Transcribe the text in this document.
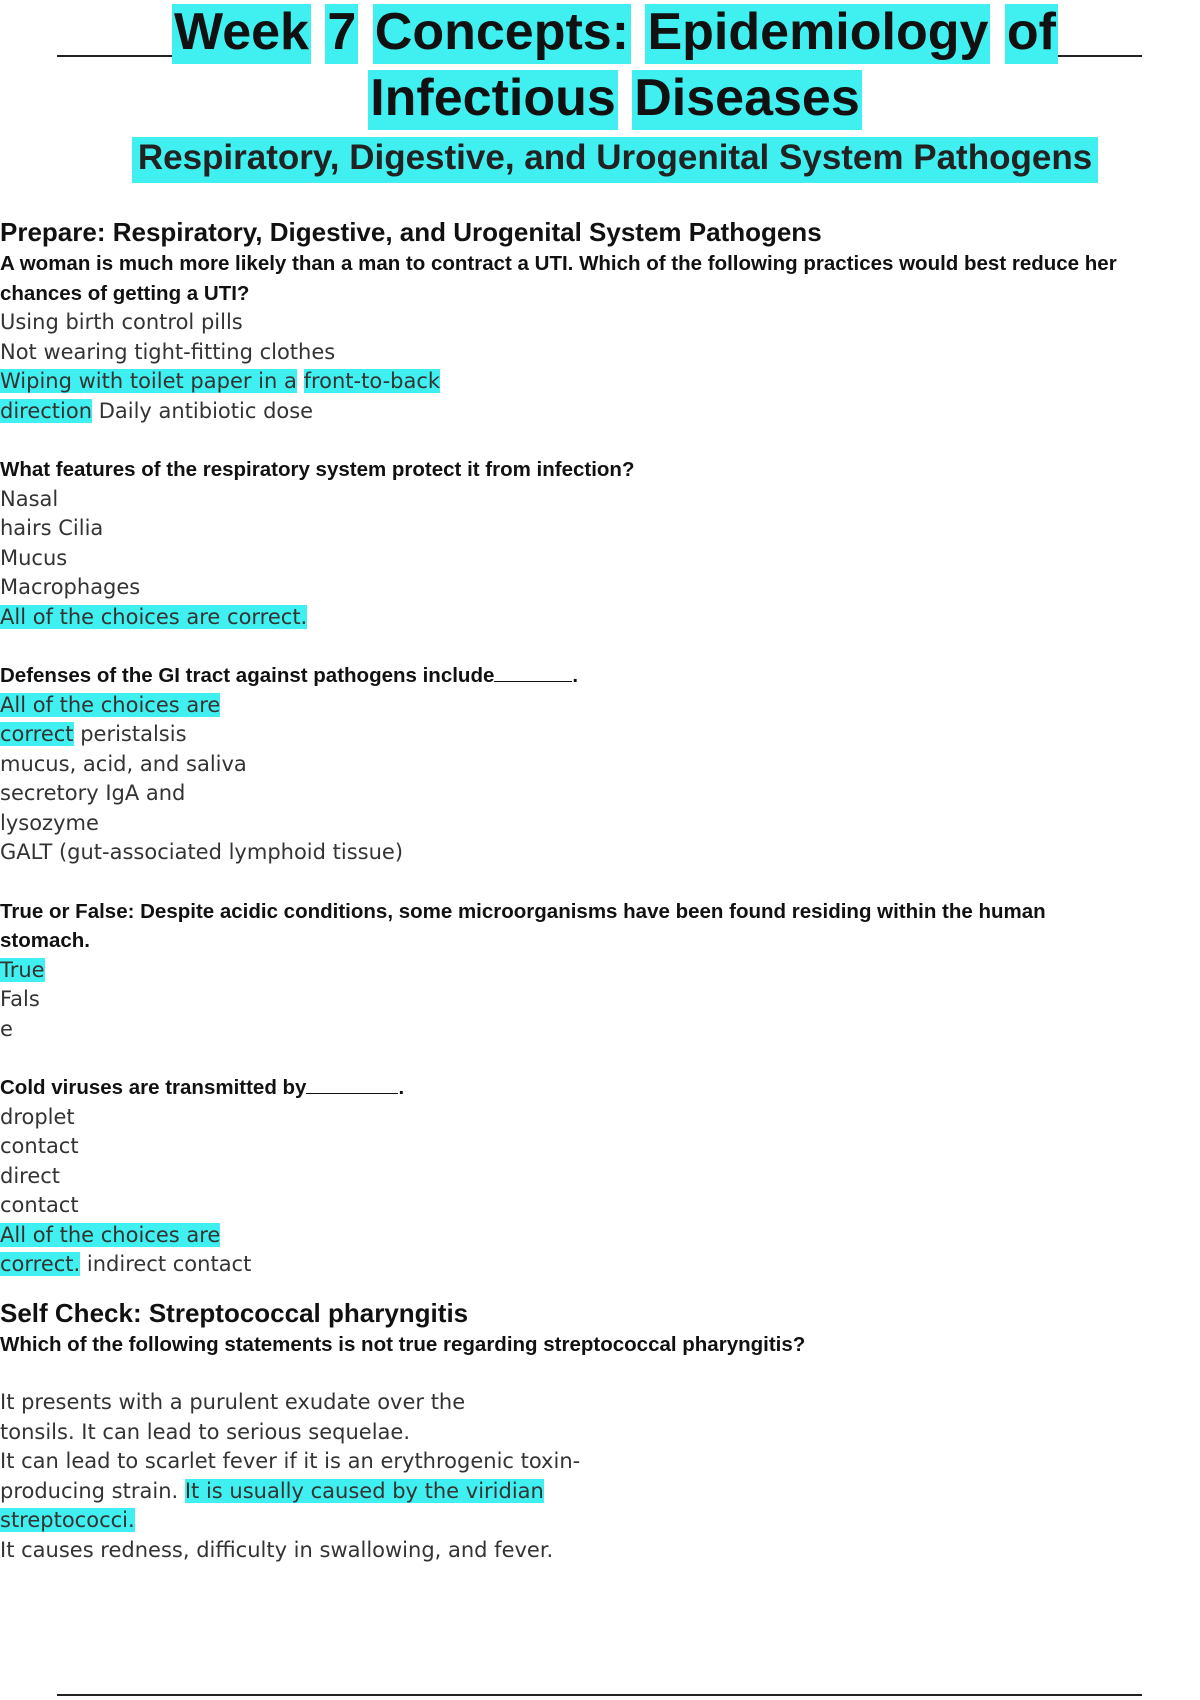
Week 7 Concepts: Epidemiology of
Infectious Diseases
Respiratory, Digestive, and Urogenital System Pathogens
Prepare: Respiratory, Digestive, and Urogenital System Pathogens

A woman is much more likely than a man to contract a UTI. Which of the following practices would best reduce her

chances of getting a UTI?

Using birth control pills

Not wearing tight-fitting clothes

Wiping with toilet paper in a front-to-back

direction Daily antibiotic dose

What features of the respiratory system protect it from infection?

Nasal

hairs Cilia

Mucus

Macrophages

All of the choices are correct.

Defenses of the GI tract against pathogens include	.

All of the choices are

correct peristalsis

mucus, acid, and saliva

secretory IgA and

lysozyme

GALT (gut-associated lymphoid tissue)

True or False: Despite acidic conditions, some microorganisms have been found residing within the human

stomach.

True

Fals

e

Cold viruses are transmitted by	.

droplet

contact

direct

contact

All of the choices are

correct. indirect contact

Self Check: Streptococcal pharyngitis

Which of the following statements is not true regarding streptococcal pharyngitis?

It presents with a purulent exudate over the

tonsils. It can lead to serious sequelae.

It can lead to scarlet fever if it is an erythrogenic toxin-

producing strain. It is usually caused by the viridian

streptococci.

It causes redness, difficulty in swallowing, and fever.
